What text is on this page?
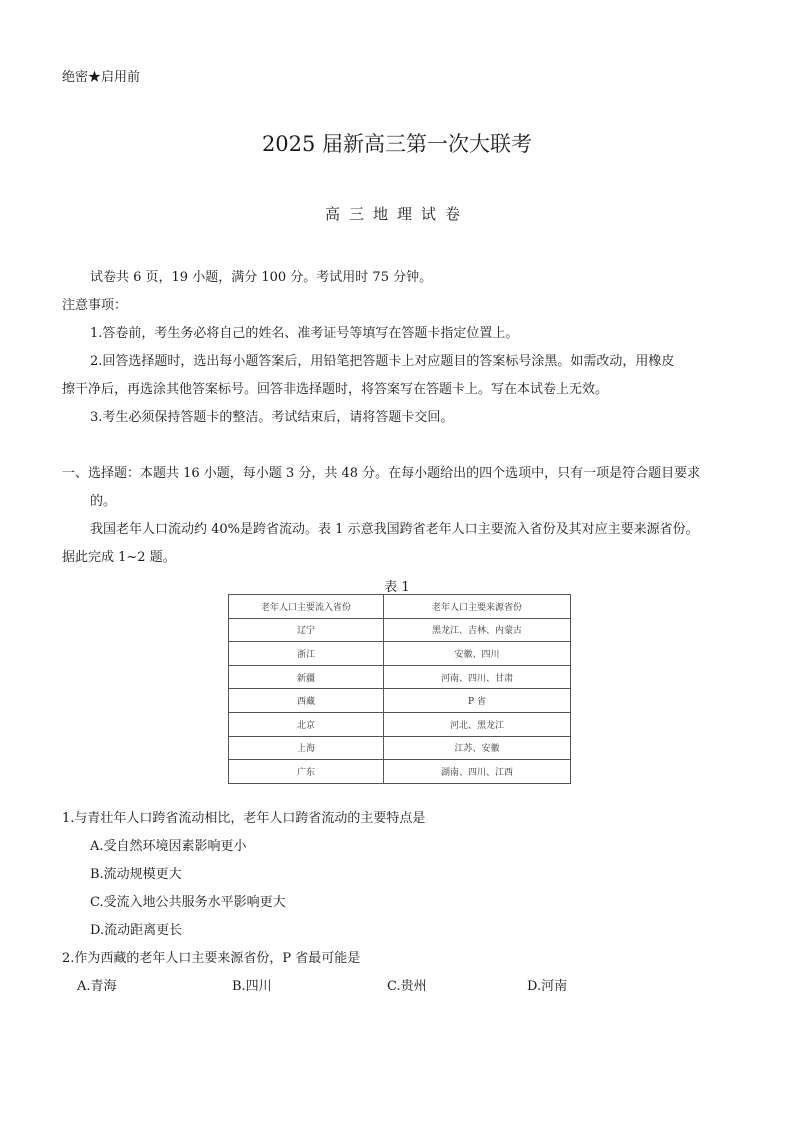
绝密★启用前
2025 届新高三第一次大联考
高三地理试卷
试卷共 6 页，19 小题，满分 100 分。考试用时 75 分钟。
注意事项：
1.答卷前，考生务必将自己的姓名、准考证号等填写在答题卡指定位置上。
2.回答选择题时，选出每小题答案后，用铅笔把答题卡上对应题目的答案标号涂黑。如需改动，用橡皮
擦干净后，再选涂其他答案标号。回答非选择题时，将答案写在答题卡上。写在本试卷上无效。
3.考生必须保持答题卡的整洁。考试结束后，请将答题卡交回。
一、选择题：本题共 16 小题，每小题 3 分，共 48 分。在每小题给出的四个选项中，只有一项是符合题目要求
的。
我国老年人口流动约 40%是跨省流动。表 1 示意我国跨省老年人口主要流入省份及其对应主要来源省份。
据此完成 1~2 题。
表 1
老年人口主要流入省份	老年人口主要来源省份
辽宁	黑龙江、吉林、内蒙古
浙江	安徽、四川
新疆	河南、四川、甘肃
西藏	P 省
北京	河北、黑龙江
上海	江苏、安徽
广东	湖南、四川、江西
1.与青壮年人口跨省流动相比，老年人口跨省流动的主要特点是
A.受自然环境因素影响更小
B.流动规模更大
C.受流入地公共服务水平影响更大
D.流动距离更长
2.作为西藏的老年人口主要来源省份，P 省最可能是
A.青海	B.四川	C.贵州	D.河南
